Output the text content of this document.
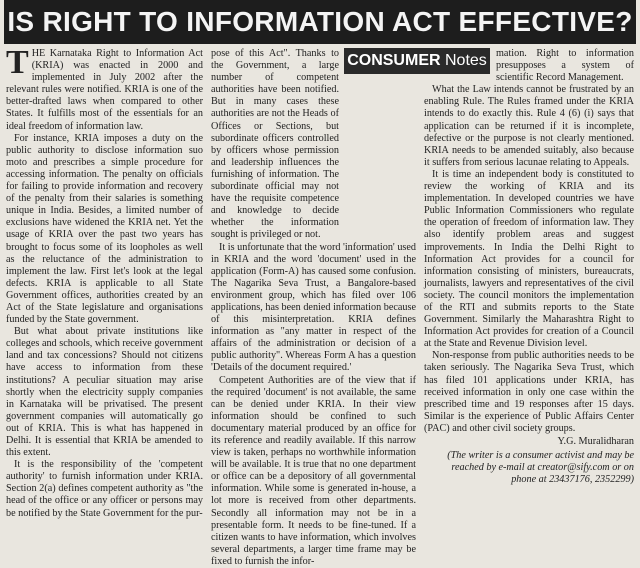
IS RIGHT TO INFORMATION ACT EFFECTIVE?

THE Karnataka Right to Information Act (KRIA) was enacted in 2000 and implemented in July 2002 after the relevant rules were notified. KRIA is one of the better-drafted laws when compared to other States. It fulfills most of the essentials for an ideal freedom of information law.

For instance, KRIA imposes a duty on the public authority to disclose information suo moto and prescribes a simple procedure for accessing information. The penalty on officials for failing to provide information and recovery of the penalty from their salaries is something unique in India. Besides, a limited number of exclusions have widened the KRIA net. Yet the usage of KRIA over the past two years has brought to focus some of its loopholes as well as the reluctance of the administration to implement the law. First let's look at the legal defects. KRIA is applicable to all State Government offices, authorities created by an Act of the State legislature and organisations funded by the State government.

But what about private institutions like colleges and schools, which receive government land and tax concessions? Should not citizens have access to information from these institutions? A peculiar situation may arise shortly when the electricity supply companies in Karnataka will be privatised. The present government companies will automatically go out of KRIA. This is what has happened in Delhi. It is essential that KRIA be amended to this extent.

It is the responsibility of the 'competent authority' to furnish information under KRIA. Section 2(a) defines competent authority as "the head of the office or any officer or persons may be notified by the State Government for the pur-

pose of this Act". Thanks to the Government, a large number of competent authorities have been notified. But in many cases these authorities are not the Heads of Offices or Sections, but subordinate officers controlled by officers whose permission and leadership influences the furnishing of information. The subordinate official may not have the requisite competence and knowledge to decide whether the information sought is privileged or not.

It is unfortunate that the word 'information' used in KRIA and the word 'document' used in the application (Form-A) has caused some confusion. The Nagarika Seva Trust, a Bangalore-based environment group, which has filed over 106 applications, has been denied information because of this misinterpretation. KRIA defines information as "any matter in respect of the affairs of the administration or decision of a public authority". Whereas Form A has a question 'Details of the document required.'

Competent Authorities are of the view that if the required 'document' is not available, the same can be denied under KRIA. In their view information should be confined to such documentary material produced by an office for its reference and readily available. If this narrow view is taken, perhaps no worthwhile information will be available. It is true that no one department or office can be a depository of all governmental information. While some is generated in-house, a lot more is received from other departments. Secondly all information may not be in a presentable form. It needs to be fine-tuned. If a citizen wants to have information, which involves several departments, a larger time frame may be fixed to furnish the infor-

CONSUMER Notes mation. Right to information presupposes a system of scientific Record Management.

What the Law intends cannot be frustrated by an enabling Rule. The Rules framed under the KRIA intends to do exactly this. Rule 4 (6) (i) says that application can be returned if it is incomplete, defective or the purpose is not clearly mentioned. KRIA needs to be amended suitably, also because it suffers from serious lacunae relating to Appeals.

It is time an independent body is constituted to review the working of KRIA and its implementation. In developed countries we have Public Information Commissioners who regulate the operation of freedom of information law. They also identify problem areas and suggest improvements. In India the Delhi Right to Information Act provides for a council for information consisting of ministers, bureaucrats, journalists, lawyers and representatives of the civil society. The council monitors the implementation of the RTI and submits reports to the State Government. Similarly the Maharashtra Right to Information Act provides for creation of a Council at the State and Revenue Division level.

Non-response from public authorities needs to be taken seriously. The Nagarika Seva Trust, which has filed 101 applications under KRIA, has received information in only one case within the prescribed time and 19 responses after 15 days. Similar is the experience of Public Affairs Center (PAC) and other civil society groups.

Y.G. Muralidharan
(The writer is a consumer activist and may be reached by e-mail at creator@sify.com or on phone at 23437176, 2352299)
